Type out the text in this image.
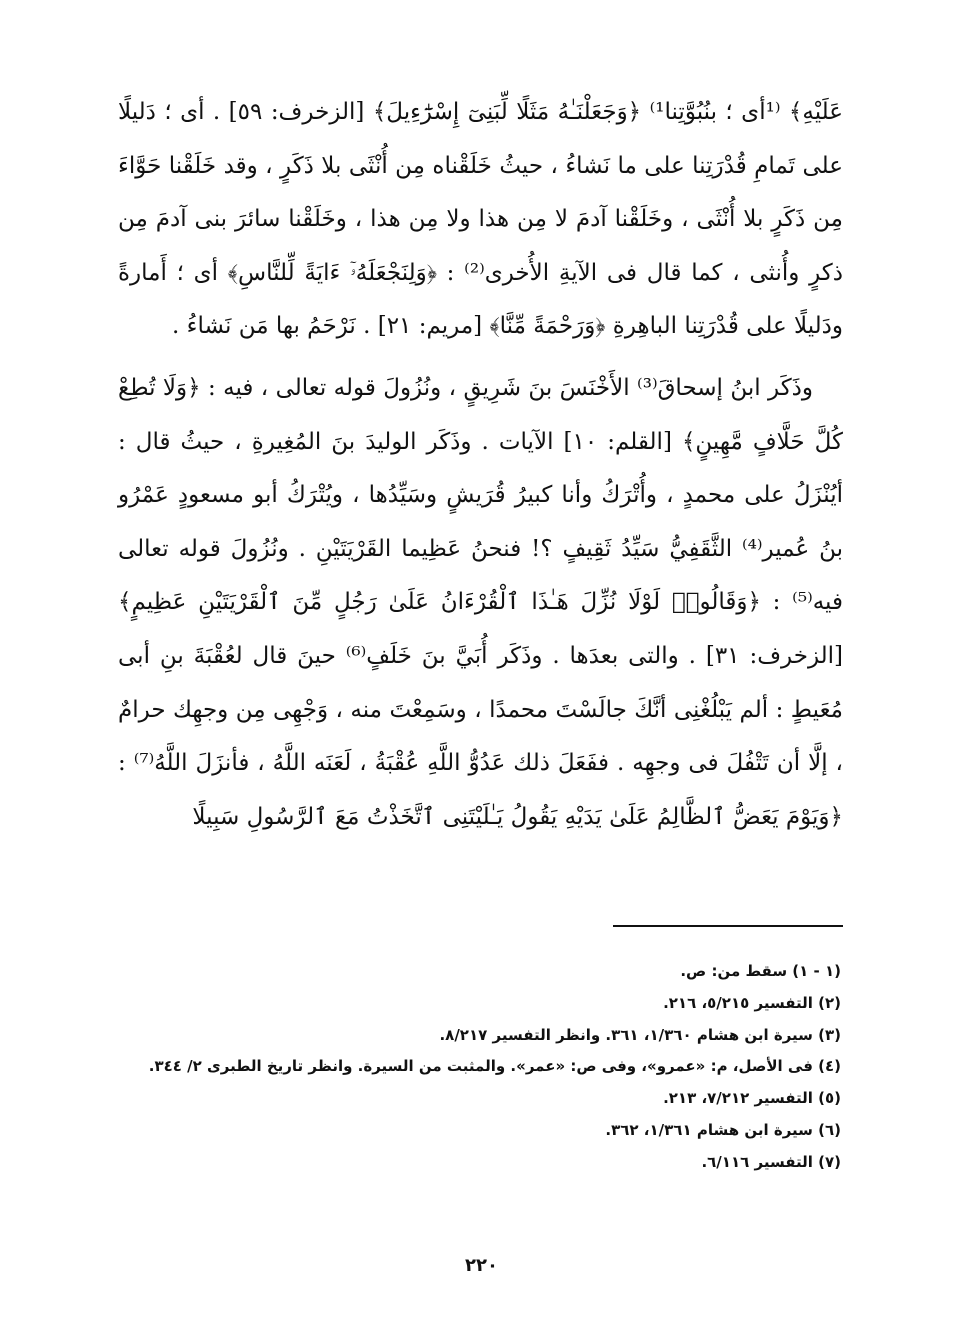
عَلَيْهِ﴾ ⁽¹أى ؛ بنُبُوَّتِنا¹⁾ ﴿وَجَعَلْنَـٰهُ مَثَلًا لِّبَنِىٓ إِسْرَٰٓءِيلَ﴾ [الزخرف: ٥٩] . أى ؛ دَليلًا على تَمامِ قُدْرَتِنا على ما نَشاءُ ، حيثُ خَلَقْناه مِن أُنْثَى بلا ذَكَرٍ ، وقد خَلَقْنا حَوَّاءَ مِن ذَكَرٍ بلا أُنْثَى ، وخَلَقْنا آدمَ لا مِن هذا ولا مِن هذا ، وخَلَقْنا سائرَ بنى آدمَ مِن ذكرٍ وأُنثى ، كما قال فى الآيةِ الأُخرى⁽²⁾ : ﴿وَلِنَجْعَلَهُۥٓ ءَايَةً لِّلنَّاسِ﴾ أى ؛ أَمارةً ودَليلًا على قُدْرَتِنا الباهِرةِ ﴿وَرَحْمَةً مِّنَّا﴾ [مريم: ٢١] . نَرْحَمُ بها مَن نَشاءُ .

وذَكَر ابنُ إسحاقَ⁽³⁾ الأَخْنَسَ بنَ شَرِيقٍ ، ونُزُولَ قوله تعالى ، فيه : ﴿وَلَا تُطِعْ كُلَّ حَلَّافٍ مَّهِينٍ﴾ [القلم: ١٠] الآيات . وذَكَر الوليدَ بنَ المُغِيرةِ ، حيثُ قال : أيُنْزَلُ على محمدٍ ، وأُتْرَكُ وأنا كبيرُ قُرَيشٍ وسَيِّدُها ، ويُتْرَكُ أبو مسعودٍ عَمْرُو بنُ عُمير⁽⁴⁾ الثَّقَفِيُّ سَيِّدُ ثَقِيفٍ ؟! فنحنُ عَظِيما القَرْيَتَيْنِ . ونُزُولَ قوله تعالى فيه⁽⁵⁾ : ﴿وَقَالُوا۟ لَوْلَا نُزِّلَ هَـٰذَا ٱلْقُرْءَانُ عَلَىٰ رَجُلٍ مِّنَ ٱلْقَرْيَتَيْنِ عَظِيمٍ﴾ [الزخرف: ٣١] . والتى بعدَها . وذَكَر أُبَيَّ بنَ خَلَفٍ⁽⁶⁾ حينَ قال لعُقْبَةَ بنِ أبى مُعَيطٍ : ألم يَبْلُغْنِى أنَّكَ جالَسْتَ محمدًا ، وسَمِعْتَ منه ، وَجْهِى مِن وجهِك حرامٌ ، إلَّا أن تَتْفُلَ فى وجهِه . ففَعَلَ ذلك عَدُوُّ اللَّهِ عُقْبَةُ ، لَعَنَه اللَّهُ ، فأنزَلَ اللَّهُ⁽⁷⁾ : ﴿وَيَوْمَ يَعَضُّ ٱلظَّالِمُ عَلَىٰ يَدَيْهِ يَقُولُ يَـٰلَيْتَنِى ٱتَّخَذْتُ مَعَ ٱلرَّسُولِ سَبِيلًا

(١ - ١) سقط من: ص.
(٢) التفسير ٥/٢١٥، ٢١٦.
(٣) سيرة ابن هشام ١/٣٦٠، ٣٦١. وانظر التفسير ٨/٢١٧.
(٤) فى الأصل، م: «عمرو»، وفى ص: «عمر». والمثبت من السيرة. وانظر تاريخ الطبرى ٢/ ٣٤٤.
(٥) التفسير ٧/٢١٢، ٢١٣.
(٦) سيرة ابن هشام ١/٣٦١، ٣٦٢.
(٧) التفسير ٦/١١٦.
٢٢٠
